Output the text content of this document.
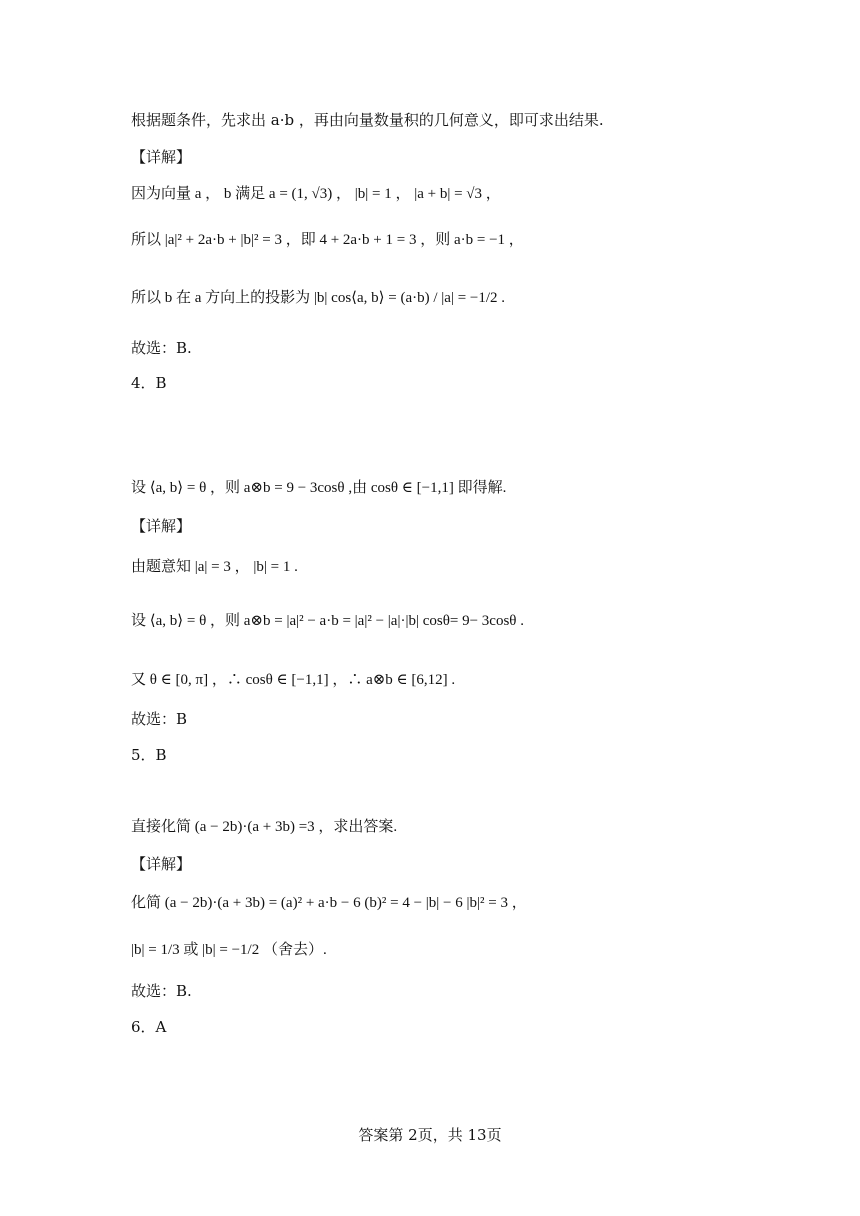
根据题条件，先求出 a·b ，再由向量数量积的几何意义，即可求出结果.
【详解】
因为向量 a ， b 满足 a = (1, √3) ， |b| = 1 ， |a + b| = √3 ，
所以 |a|² + 2a·b + |b|² = 3 ，即 4 + 2a·b + 1 = 3 ，则 a·b = −1 ，
所以 b 在 a 方向上的投影为 |b| cos⟨a, b⟩ = (a·b) / |a| = −1/2 .
故选：B.
4．B
设 ⟨a, b⟩ = θ ，则 a⊗b = 9 − 3cosθ ,由 cosθ ∈ [−1,1] 即得解.
【详解】
由题意知 |a| = 3 ， |b| = 1 .
设 ⟨a, b⟩ = θ ，则 a⊗b = |a|² − a·b = |a|² − |a|·|b| cosθ= 9− 3cosθ .
又 θ ∈ [0, π] ，∴ cosθ ∈ [−1,1] ，∴ a⊗b ∈ [6,12] .
故选：B
5．B
直接化简 (a − 2b)·(a + 3b) =3 ，求出答案.
【详解】
化简 (a − 2b)·(a + 3b) = (a)² + a·b − 6 (b)² = 4 − |b| − 6 |b|² = 3 ，
|b| = 1/3 或 |b| = −1/2 （舍去）.
故选：B.
6．A
答案第 2页，共 13页
